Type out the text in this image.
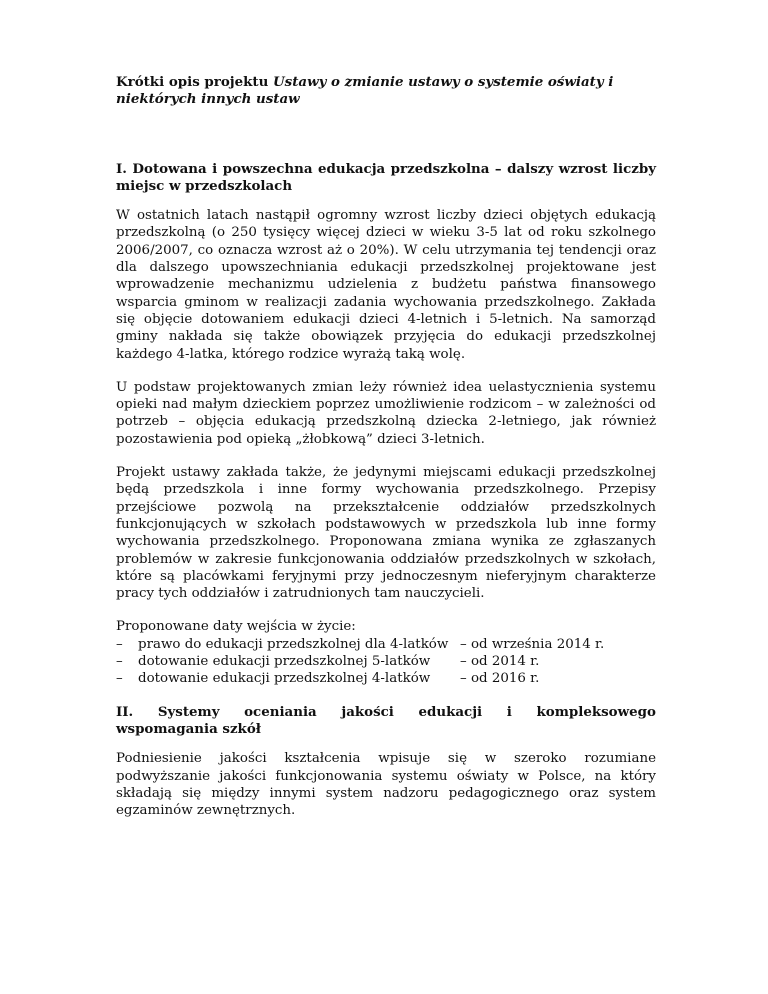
Krótki opis projektu Ustawy o zmianie ustawy o systemie oświaty i niektórych innych ustaw
I. Dotowana i powszechna edukacja przedszkolna – dalszy wzrost liczby miejsc w przedszkolach

W ostatnich latach nastąpił ogromny wzrost liczby dzieci objętych edukacją przedszkolną (o 250 tysięcy więcej dzieci w wieku 3-5 lat od roku szkolnego 2006/2007, co oznacza wzrost aż o 20%). W celu utrzymania tej tendencji oraz dla dalszego upowszechniania edukacji przedszkolnej projektowane jest wprowadzenie mechanizmu udzielenia z budżetu państwa finansowego wsparcia gminom w realizacji zadania wychowania przedszkolnego. Zakłada się objęcie dotowaniem edukacji dzieci 4-letnich i 5-letnich. Na samorząd gminy nakłada się także obowiązek przyjęcia do edukacji przedszkolnej każdego 4-latka, którego rodzice wyrażą taką wolę.

U podstaw projektowanych zmian leży również idea uelastycznienia systemu opieki nad małym dzieckiem poprzez umożliwienie rodzicom – w zależności od potrzeb – objęcia edukacją przedszkolną dziecka 2-letniego, jak również pozostawienia pod opieką „żłobkową” dzieci 3-letnich.

Projekt ustawy zakłada także, że jedynymi miejscami edukacji przedszkolnej będą przedszkola i inne formy wychowania przedszkolnego. Przepisy przejściowe pozwolą na przekształcenie oddziałów przedszkolnych funkcjonujących w szkołach podstawowych w przedszkola lub inne formy wychowania przedszkolnego. Proponowana zmiana wynika ze zgłaszanych problemów w zakresie funkcjonowania oddziałów przedszkolnych w szkołach, które są placówkami feryjnymi przy jednoczesnym nieferyjnym charakterze pracy tych oddziałów i zatrudnionych tam nauczycieli.

Proponowane daty wejścia w życie:

–	prawo do edukacji przedszkolnej dla 4-latków – od września 2014 r.
–	dotowanie edukacji przedszkolnej 5-latków	– od 2014 r.
–	dotowanie edukacji przedszkolnej 4-latków	– od 2016 r.
II. Systemy oceniania jakości edukacji i kompleksowego
wspomagania szkół

Podniesienie jakości kształcenia wpisuje się w szeroko rozumiane podwyższanie jakości funkcjonowania systemu oświaty w Polsce, na który składają się między innymi system nadzoru pedagogicznego oraz system egzaminów zewnętrznych.
